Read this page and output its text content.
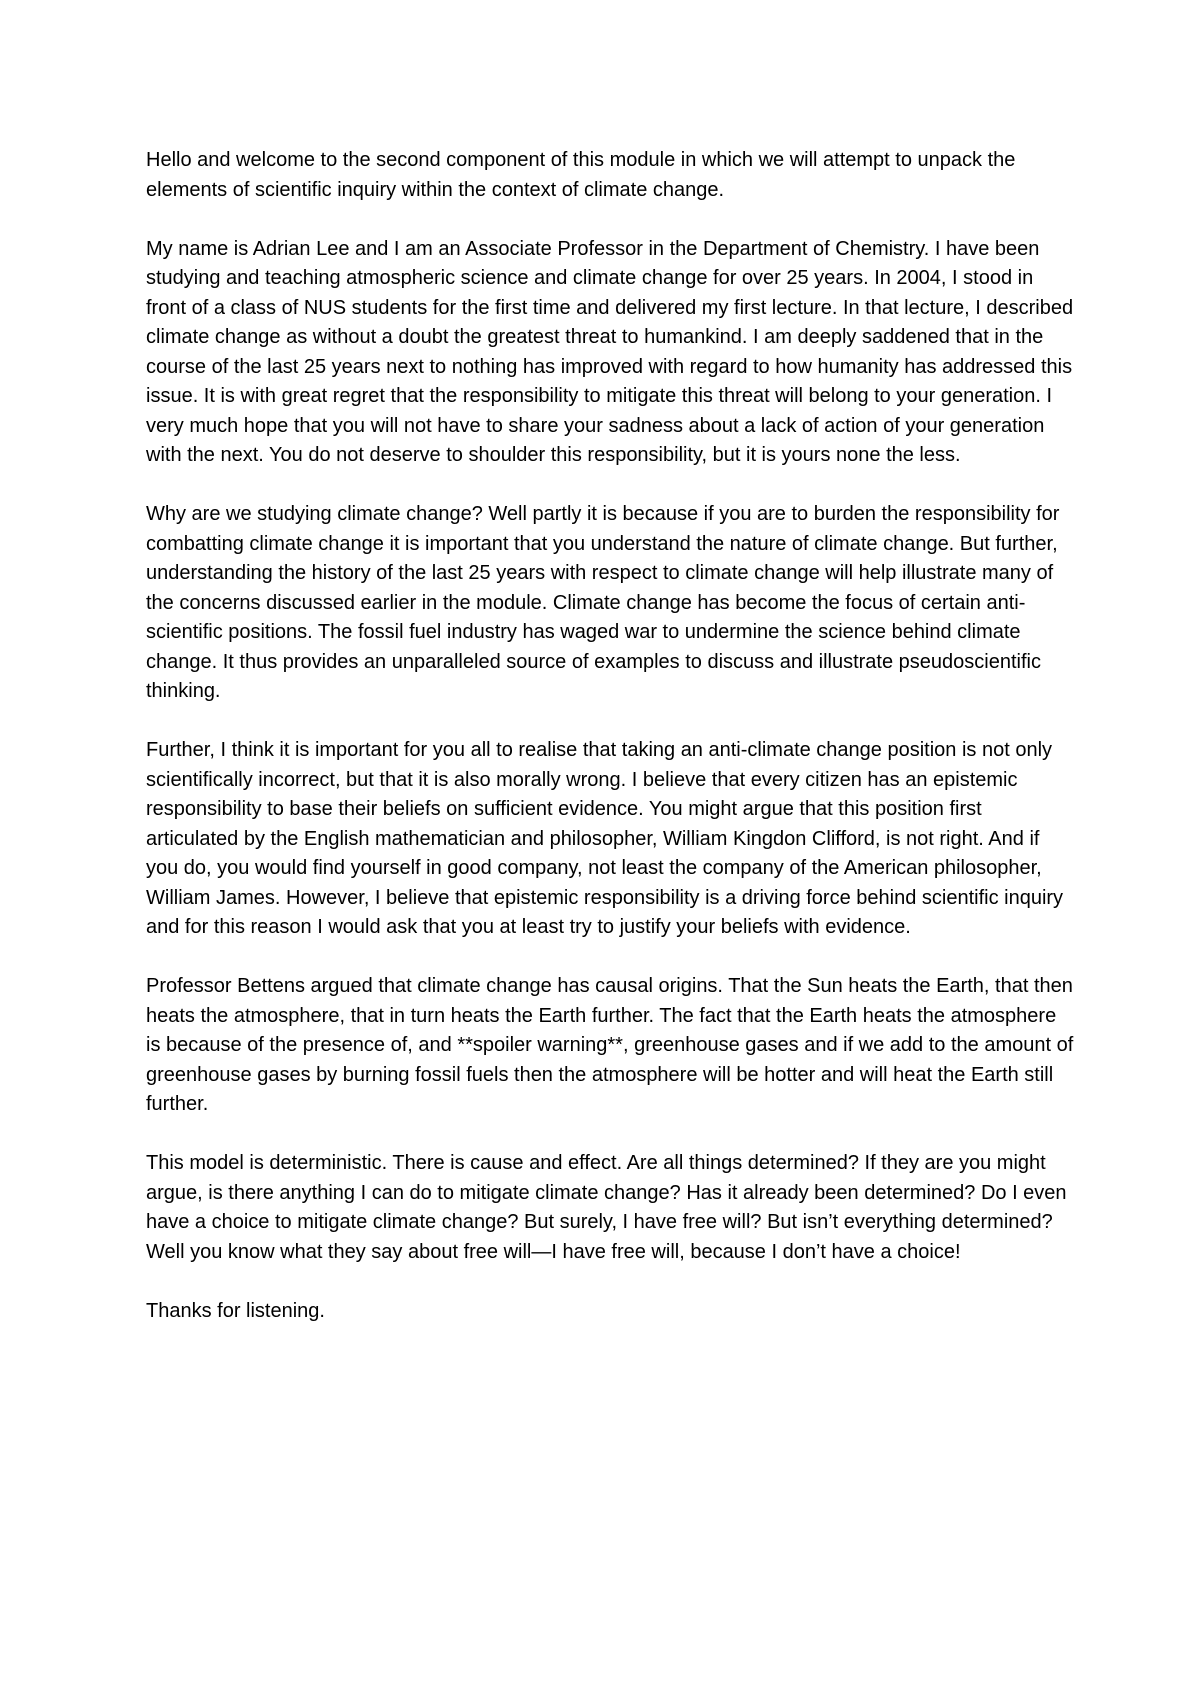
Hello and welcome to the second component of this module in which we will attempt to unpack the elements of scientific inquiry within the context of climate change.

My name is Adrian Lee and I am an Associate Professor in the Department of Chemistry. I have been studying and teaching atmospheric science and climate change for over 25 years. In 2004, I stood in front of a class of NUS students for the first time and delivered my first lecture. In that lecture, I described climate change as without a doubt the greatest threat to humankind. I am deeply saddened that in the course of the last 25 years next to nothing has improved with regard to how humanity has addressed this issue. It is with great regret that the responsibility to mitigate this threat will belong to your generation. I very much hope that you will not have to share your sadness about a lack of action of your generation with the next. You do not deserve to shoulder this responsibility, but it is yours none the less.

Why are we studying climate change? Well partly it is because if you are to burden the responsibility for combatting climate change it is important that you understand the nature of climate change. But further, understanding the history of the last 25 years with respect to climate change will help illustrate many of the concerns discussed earlier in the module. Climate change has become the focus of certain anti-scientific positions. The fossil fuel industry has waged war to undermine the science behind climate change. It thus provides an unparalleled source of examples to discuss and illustrate pseudoscientific thinking.

Further, I think it is important for you all to realise that taking an anti-climate change position is not only scientifically incorrect, but that it is also morally wrong. I believe that every citizen has an epistemic responsibility to base their beliefs on sufficient evidence. You might argue that this position first articulated by the English mathematician and philosopher, William Kingdon Clifford, is not right. And if you do, you would find yourself in good company, not least the company of the American philosopher, William James. However, I believe that epistemic responsibility is a driving force behind scientific inquiry and for this reason I would ask that you at least try to justify your beliefs with evidence.

Professor Bettens argued that climate change has causal origins. That the Sun heats the Earth, that then heats the atmosphere, that in turn heats the Earth further. The fact that the Earth heats the atmosphere is because of the presence of, and **spoiler warning**, greenhouse gases and if we add to the amount of greenhouse gases by burning fossil fuels then the atmosphere will be hotter and will heat the Earth still further.

This model is deterministic. There is cause and effect. Are all things determined? If they are you might argue, is there anything I can do to mitigate climate change? Has it already been determined? Do I even have a choice to mitigate climate change? But surely, I have free will? But isn’t everything determined? Well you know what they say about free will—I have free will, because I don’t have a choice!

Thanks for listening.
